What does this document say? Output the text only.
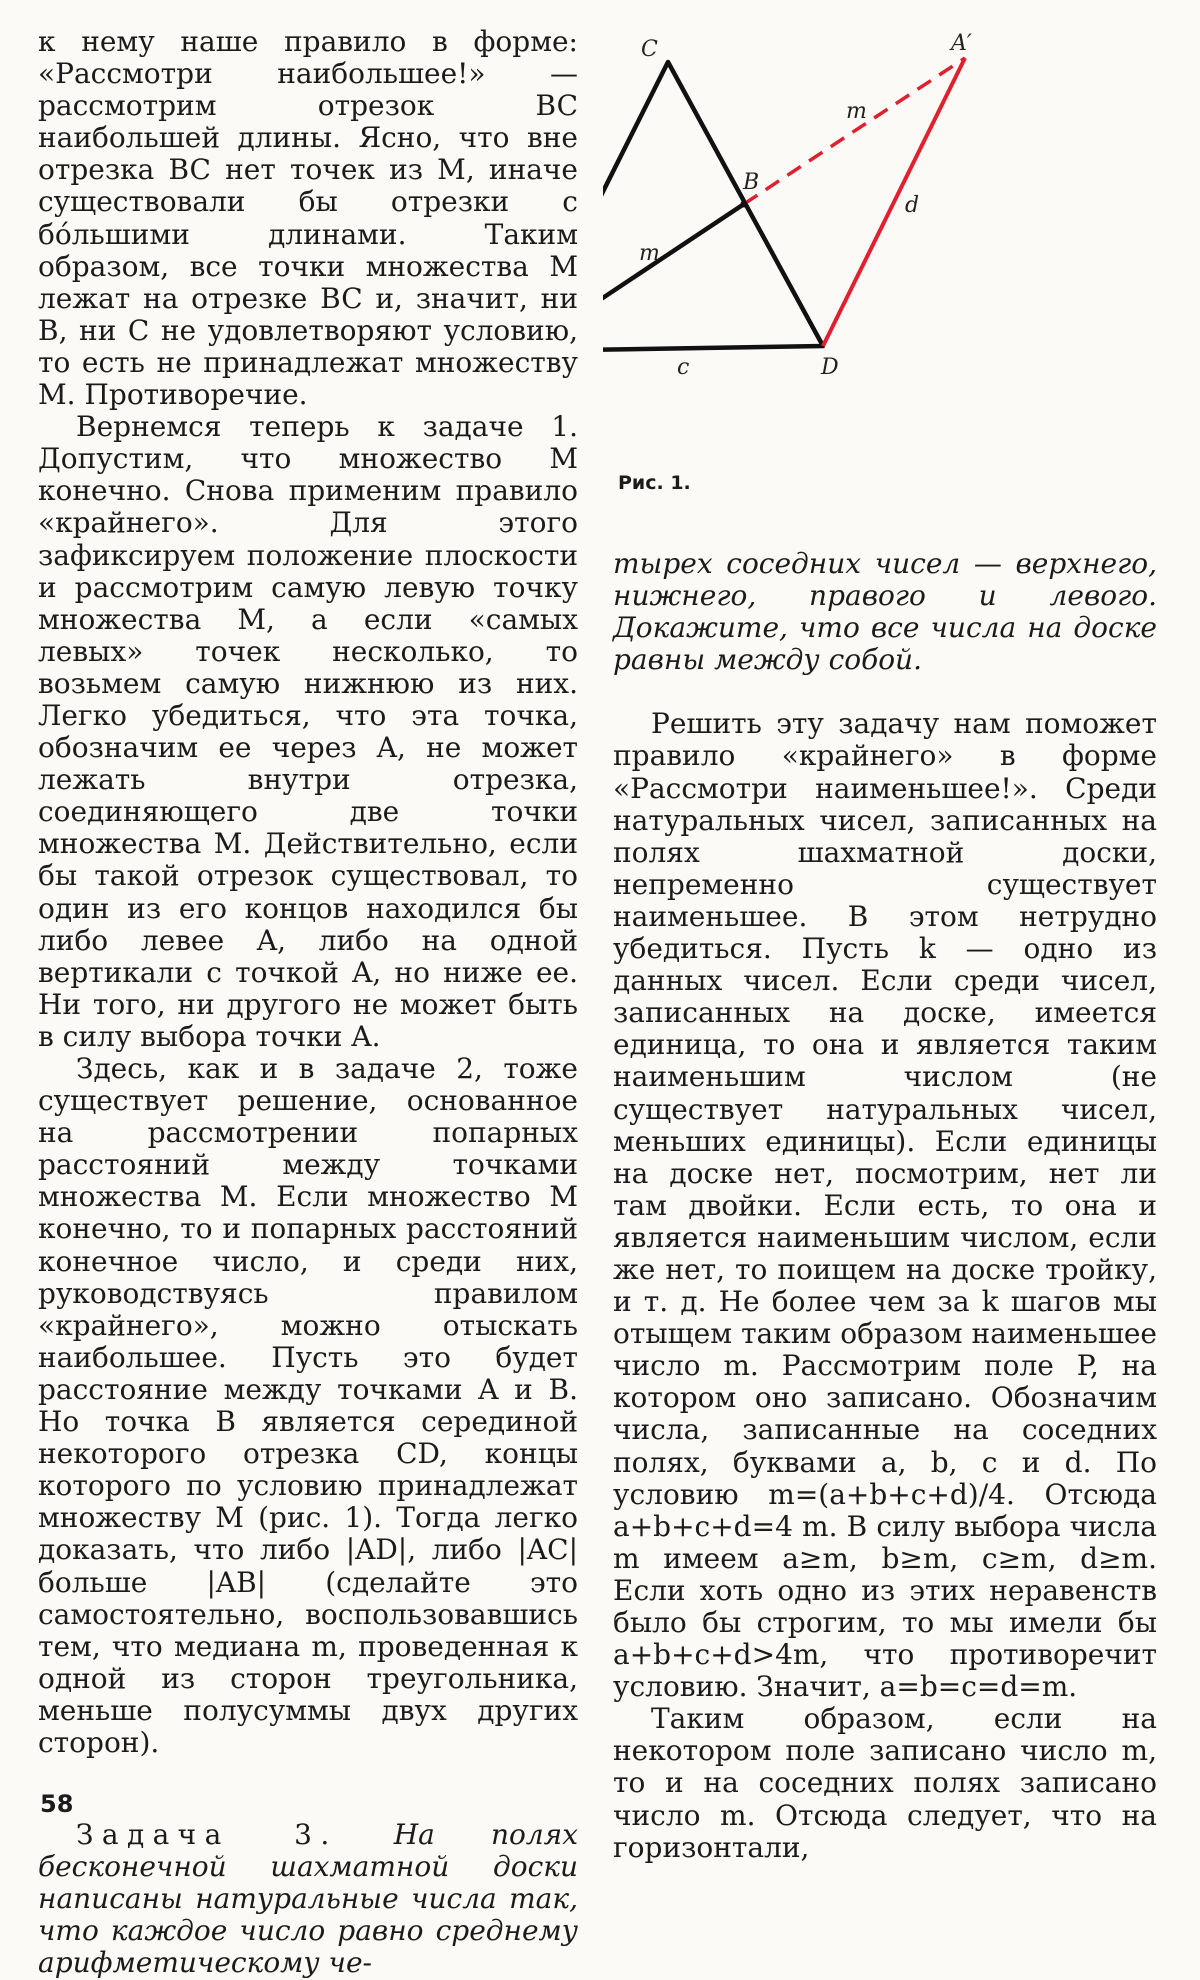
к нему наше правило в форме: «Рассмотри наибольшее!» — рассмотрим отрезок BC наибольшей длины. Ясно, что вне отрезка BC нет точек из M, иначе существовали бы отрезки с бóльшими длинами. Таким образом, все точки множества M лежат на отрезке BC и, значит, ни B, ни C не удовлетворяют условию, то есть не принадлежат множеству M. Противоречие.

Вернемся теперь к задаче 1. Допустим, что множество M конечно. Снова применим правило «крайнего». Для этого зафиксируем положение плоскости и рассмотрим самую левую точку множества M, а если «самых левых» точек несколько, то возьмем самую нижнюю из них. Легко убедиться, что эта точка, обозначим ее через A, не может лежать внутри отрезка, соединяющего две точки множества M. Действительно, если бы такой отрезок существовал, то один из его концов находился бы либо левее A, либо на одной вертикали с точкой A, но ниже ее. Ни того, ни другого не может быть в силу выбора точки A.

Здесь, как и в задаче 2, тоже существует решение, основанное на рассмотрении попарных расстояний между точками множества M. Если множество M конечно, то и попарных расстояний конечное число, и среди них, руководствуясь правилом «крайнего», можно отыскать наибольшее. Пусть это будет расстояние между точками A и B. Но точка B является серединой некоторого отрезка CD, концы которого по условию принадлежат множеству M (рис. 1). Тогда легко доказать, что либо |AD|, либо |AC| больше |AB| (сделайте это самостоятельно, воспользовавшись тем, что медиана m, проведенная к одной из сторон треугольника, меньше полусуммы двух других сторон).

Задача 3. На полях бесконечной шахматной доски написаны натуральные числа так, что каждое число равно среднему арифметическому че-

C	A′
B
D
m
c
m
d
Рис. 1.

тырех соседних чисел — верхнего, нижнего, правого и левого. Докажите, что все числа на доске равны между собой.

Решить эту задачу нам поможет правило «крайнего» в форме «Рассмотри наименьшее!». Среди натуральных чисел, записанных на полях шахматной доски, непременно существует наименьшее. В этом нетрудно убедиться. Пусть k — одно из данных чисел. Если среди чисел, записанных на доске, имеется единица, то она и является таким наименьшим числом (не существует натуральных чисел, меньших единицы). Если единицы на доске нет, посмотрим, нет ли там двойки. Если есть, то она и является наименьшим числом, если же нет, то поищем на доске тройку, и т. д. Не более чем за k шагов мы отыщем таким образом наименьшее число m. Рассмотрим поле P, на котором оно записано. Обозначим числа, записанные на соседних полях, буквами a, b, c и d. По условию m=(a+b+c+d)/4. Отсюда a+b+c+d=4 m. В силу выбора числа m имеем a≥m, b≥m, c≥m, d≥m. Если хоть одно из этих неравенств было бы строгим, то мы имели бы a+b+c+d>4m, что противоречит условию. Значит, a=b=c=d=m.

Таким образом, если на некотором поле записано число m, то и на соседних полях записано число m. Отсюда следует, что на горизонтали,

58
